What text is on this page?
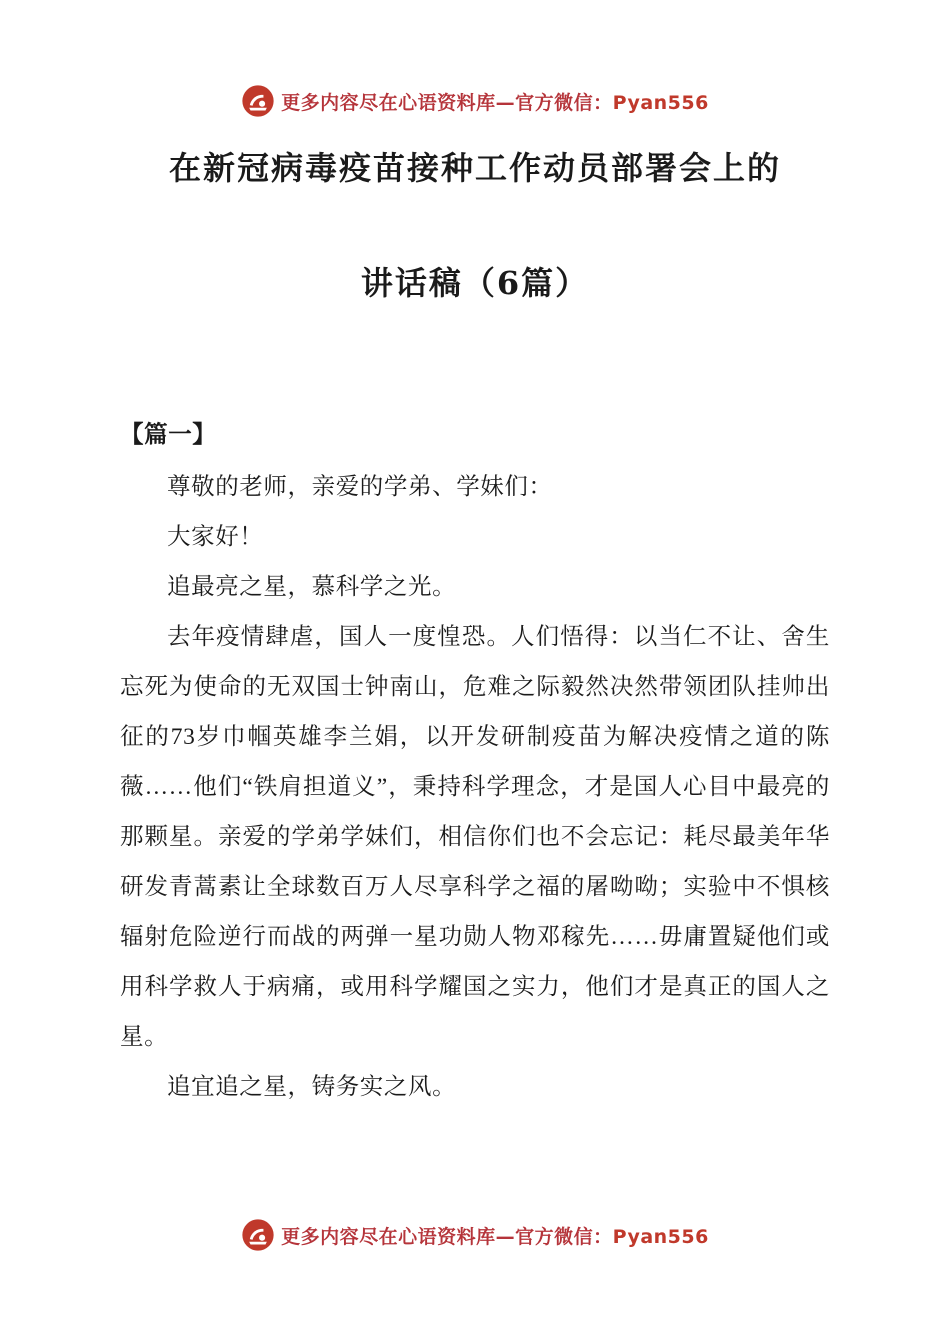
更多内容尽在心语资料库—官方微信：Pyan556
在新冠病毒疫苗接种工作动员部署会上的
讲话稿（6篇）

【篇一】

尊敬的老师，亲爱的学弟、学妹们：

大家好！

追最亮之星，慕科学之光。

去年疫情肆虐，国人一度惶恐。人们悟得：以当仁不让、舍生忘死为使命的无双国士钟南山，危难之际毅然决然带领团队挂帅出征的73岁巾帼英雄李兰娟，以开发研制疫苗为解决疫情之道的陈薇……他们“铁肩担道义”，秉持科学理念，才是国人心目中最亮的那颗星。亲爱的学弟学妹们，相信你们也不会忘记：耗尽最美年华研发青蒿素让全球数百万人尽享科学之福的屠呦呦；实验中不惧核辐射危险逆行而战的两弹一星功勋人物邓稼先……毋庸置疑他们或用科学救人于病痛，或用科学耀国之实力，他们才是真正的国人之星。

追宜追之星，铸务实之风。

更多内容尽在心语资料库—官方微信：Pyan556
